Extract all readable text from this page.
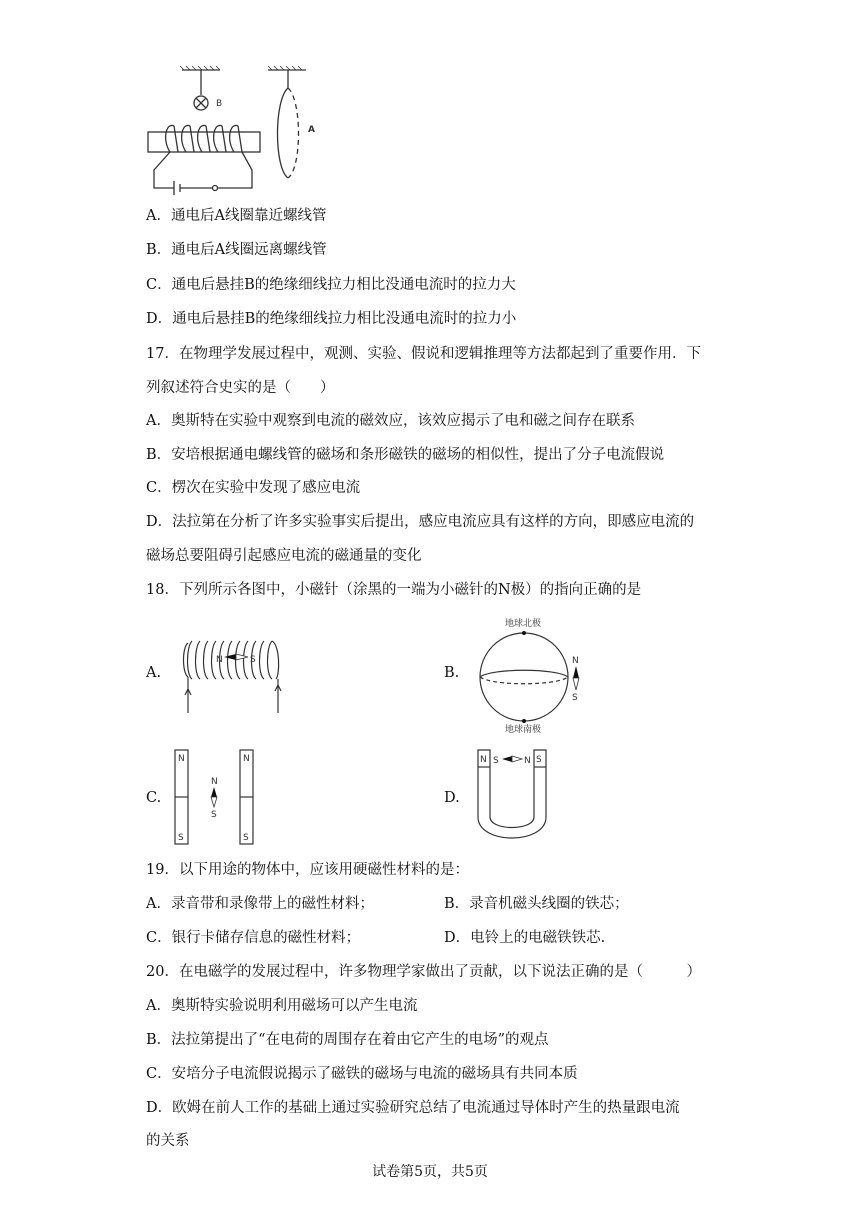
B
A
A．通电后A线圈靠近螺线管
B．通电后A线圈远离螺线管
C．通电后悬挂B的绝缘细线拉力相比没通电流时的拉力大
D．通电后悬挂B的绝缘细线拉力相比没通电流时的拉力小
17．在物理学发展过程中，观测、实验、假说和逻辑推理等方法都起到了重要作用．下
列叙述符合史实的是（　　）
A．奥斯特在实验中观察到电流的磁效应，该效应揭示了电和磁之间存在联系
B．安培根据通电螺线管的磁场和条形磁铁的磁场的相似性，提出了分子电流假说
C．楞次在实验中发现了感应电流
D．法拉第在分析了许多实验事实后提出，感应电流应具有这样的方向，即感应电流的
磁场总要阻碍引起感应电流的磁通量的变化
18．下列所示各图中，小磁针（涂黑的一端为小磁针的N极）的指向正确的是
A.
N	S
B.
地球北极
地球南极
N
S
C.
N
S
N
S
N
S
D.
N	S
S	N
19．以下用途的物体中，应该用硬磁性材料的是：
A．录音带和录像带上的磁性材料；	B．录音机磁头线圈的铁芯；
C．银行卡储存信息的磁性材料；	D．电铃上的电磁铁铁芯.
20．在电磁学的发展过程中，许多物理学家做出了贡献，以下说法正确的是（　　　）
A．奥斯特实验说明利用磁场可以产生电流
B．法拉第提出了“在电荷的周围存在着由它产生的电场”的观点
C．安培分子电流假说揭示了磁铁的磁场与电流的磁场具有共同本质
D．欧姆在前人工作的基础上通过实验研究总结了电流通过导体时产生的热量跟电流
的关系
试卷第5页，共5页
